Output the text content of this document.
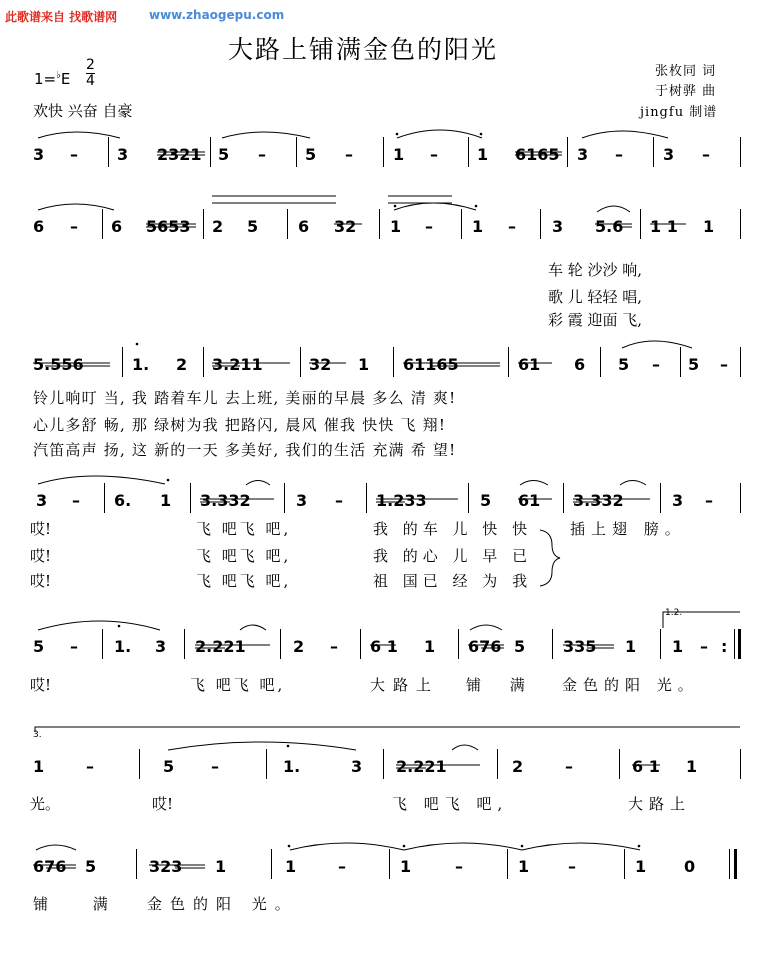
此歌谱来自 找歌谱网	www.zhaogepu.com
大路上铺满金色的阳光
张枚同 词
于树骅 曲
jingfu 制谱
1=♭E
2
4
欢快 兴奋 自豪
3 – 3 2321 5 – 5 –	1 – 1 6165 3 –	3 –
6 – 6 5653 2 5 6 32 1 – 1 – 3 5.6 1 1 1
车 轮 沙沙 响,
歌 儿 轻轻 唱,
彩 霞 迎面 飞,
5.556	1. 2 3.211	32 1 61165	61 6 5 – 5 –
铃儿响叮 当, 我 踏着车儿 去上班, 美丽的早晨 多么 清 爽!
心儿多舒 畅, 那 绿树为我 把路闪, 晨风 催我 快快 飞 翔!
汽笛高声 扬, 这 新的一天 多美好, 我们的生活 充满 希 望!
3 – 6. 1 3.332	3 – 1.233	5 61 3.332	3 –
哎!
哎!
哎!
飞 吧飞 吧,
飞 吧飞 吧,
飞 吧飞 吧,
我 的车 儿 快 快
我 的心 儿 早 已
祖 国已 经 为 我
插上翅 膀。
5 – 1. 3 2.221	2 – 6 1 1 676 5 335 1 1 – :
1.2.
哎!	飞 吧飞 吧,	大路上 铺 满 金色的阳 光。
1	–	5 –	1.	3 2.221	2	–	6 1 1
3.
光。	哎!	飞 吧飞 吧,	大路上
676 5	323 1	1	–	1	–	1 –	1 0
铺 满 金色的阳 光。
